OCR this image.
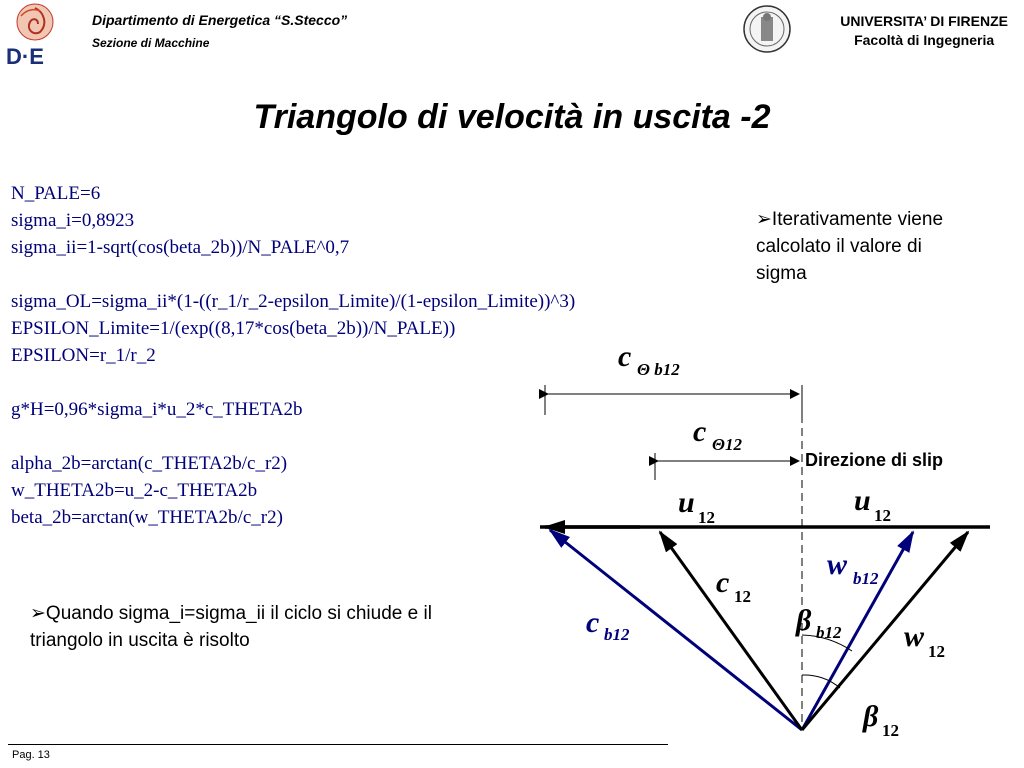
D·E
Dipartimento di Energetica “S.Stecco”
Sezione di Macchine
UNIVERSITA’ DI FIRENZE
Facoltà di Ingegneria
Triangolo di velocità in uscita -2
N_PALE=6
sigma_i=0,8923
sigma_ii=1-sqrt(cos(beta_2b))/N_PALE^0,7
sigma_OL=sigma_ii*(1-((r_1/r_2-epsilon_Limite)/(1-epsilon_Limite))^3)
EPSILON_Limite=1/(exp((8,17*cos(beta_2b))/N_PALE))
EPSILON=r_1/r_2
g*H=0,96*sigma_i*u_2*c_THETA2b
alpha_2b=arctan(c_THETA2b/c_r2)
w_THETA2b=u_2-c_THETA2b
beta_2b=arctan(w_THETA2b/c_r2)
➢Iterativamente viene calcolato il valore di sigma
➢Quando sigma_i=sigma_ii il ciclo si chiude e il triangolo in uscita è risolto
Direzione di slip
c Θ b12
c Θ12
u 12
u 12
c 12
w b12
c b12	β b12 w 12
β 12
Pag. 13
